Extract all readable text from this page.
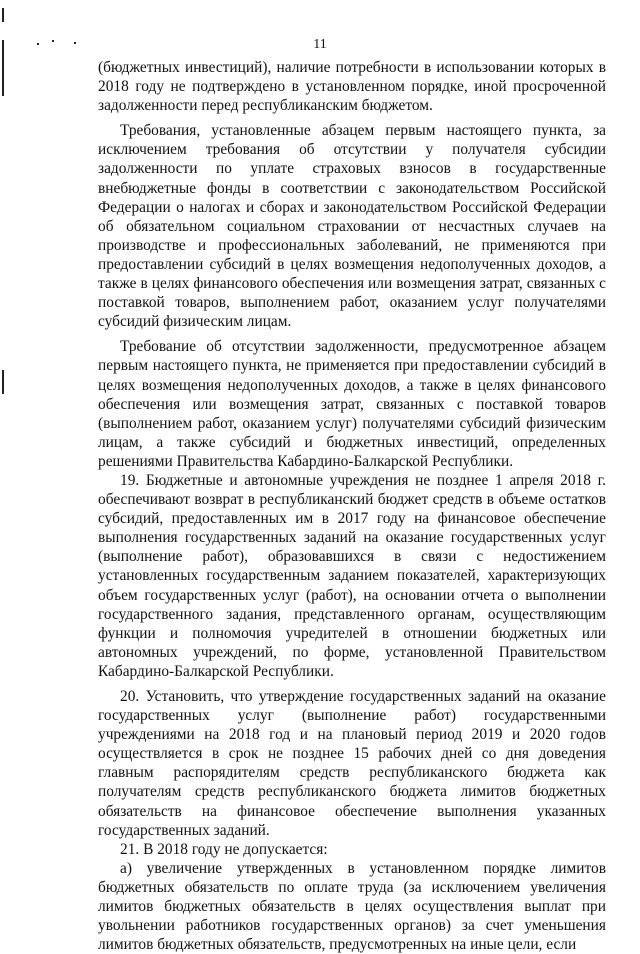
11

(бюджетных инвестиций), наличие потребности в использовании которых в 2018 году не подтверждено в установленном порядке, иной просроченной задолженности перед республиканским бюджетом.

Требования, установленные абзацем первым настоящего пункта, за исключением требования об отсутствии у получателя субсидии задолженности по уплате страховых взносов в государственные внебюджетные фонды в соответствии с законодательством Российской Федерации о налогах и сборах и законодательством Российской Федерации об обязательном социальном страховании от несчастных случаев на производстве и профессиональных заболеваний, не применяются при предоставлении субсидий в целях возмещения недополученных доходов, а также в целях финансового обеспечения или возмещения затрат, связанных с поставкой товаров, выполнением работ, оказанием услуг получателями субсидий физическим лицам.

Требование об отсутствии задолженности, предусмотренное абзацем первым настоящего пункта, не применяется при предоставлении субсидий в целях возмещения недополученных доходов, а также в целях финансового обеспечения или возмещения затрат, связанных с поставкой товаров (выполнением работ, оказанием услуг) получателями субсидий физическим лицам, а также субсидий и бюджетных инвестиций, определенных решениями Правительства Кабардино-Балкарской Республики.

19. Бюджетные и автономные учреждения не позднее 1 апреля 2018 г. обеспечивают возврат в республиканский бюджет средств в объеме остатков субсидий, предоставленных им в 2017 году на финансовое обеспечение выполнения государственных заданий на оказание государственных услуг (выполнение работ), образовавшихся в связи с недостижением установленных государственным заданием показателей, характеризующих объем государственных услуг (работ), на основании отчета о выполнении государственного задания, представленного органам, осуществляющим функции и полномочия учредителей в отношении бюджетных или автономных учреждений, по форме, установленной Правительством Кабардино-Балкарской Республики.

20. Установить, что утверждение государственных заданий на оказание государственных услуг (выполнение работ) государственными учреждениями на 2018 год и на плановый период 2019 и 2020 годов осуществляется в срок не позднее 15 рабочих дней со дня доведения главным распорядителям средств республиканского бюджета как получателям средств республиканского бюджета лимитов бюджетных обязательств на финансовое обеспечение выполнения указанных государственных заданий.

21. В 2018 году не допускается:

а) увеличение утвержденных в установленном порядке лимитов бюджетных обязательств по оплате труда (за исключением увеличения лимитов бюджетных обязательств в целях осуществления выплат при увольнении работников государственных органов) за счет уменьшения лимитов бюджетных обязательств, предусмотренных на иные цели, если
